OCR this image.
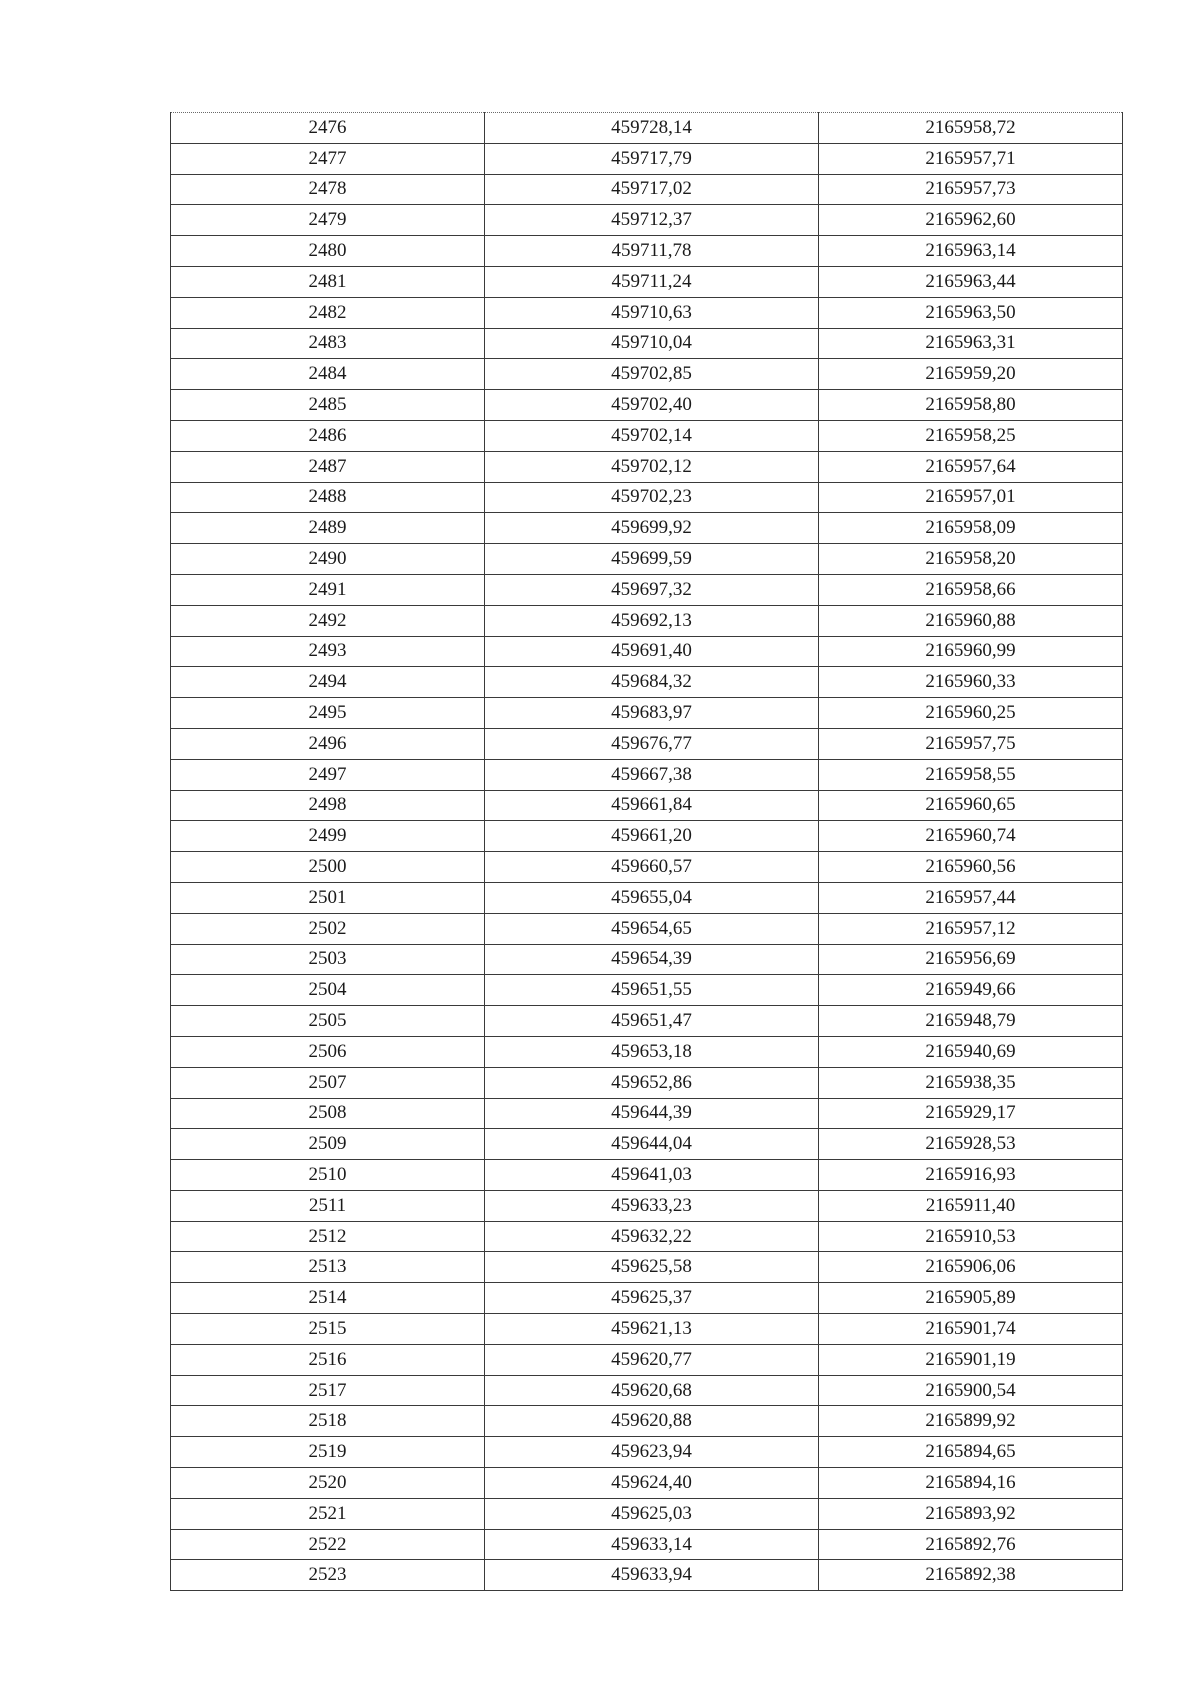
2476	459728,14	2165958,72
2477	459717,79	2165957,71
2478	459717,02	2165957,73
2479	459712,37	2165962,60
2480	459711,78	2165963,14
2481	459711,24	2165963,44
2482	459710,63	2165963,50
2483	459710,04	2165963,31
2484	459702,85	2165959,20
2485	459702,40	2165958,80
2486	459702,14	2165958,25
2487	459702,12	2165957,64
2488	459702,23	2165957,01
2489	459699,92	2165958,09
2490	459699,59	2165958,20
2491	459697,32	2165958,66
2492	459692,13	2165960,88
2493	459691,40	2165960,99
2494	459684,32	2165960,33
2495	459683,97	2165960,25
2496	459676,77	2165957,75
2497	459667,38	2165958,55
2498	459661,84	2165960,65
2499	459661,20	2165960,74
2500	459660,57	2165960,56
2501	459655,04	2165957,44
2502	459654,65	2165957,12
2503	459654,39	2165956,69
2504	459651,55	2165949,66
2505	459651,47	2165948,79
2506	459653,18	2165940,69
2507	459652,86	2165938,35
2508	459644,39	2165929,17
2509	459644,04	2165928,53
2510	459641,03	2165916,93
2511	459633,23	2165911,40
2512	459632,22	2165910,53
2513	459625,58	2165906,06
2514	459625,37	2165905,89
2515	459621,13	2165901,74
2516	459620,77	2165901,19
2517	459620,68	2165900,54
2518	459620,88	2165899,92
2519	459623,94	2165894,65
2520	459624,40	2165894,16
2521	459625,03	2165893,92
2522	459633,14	2165892,76
2523	459633,94	2165892,38
